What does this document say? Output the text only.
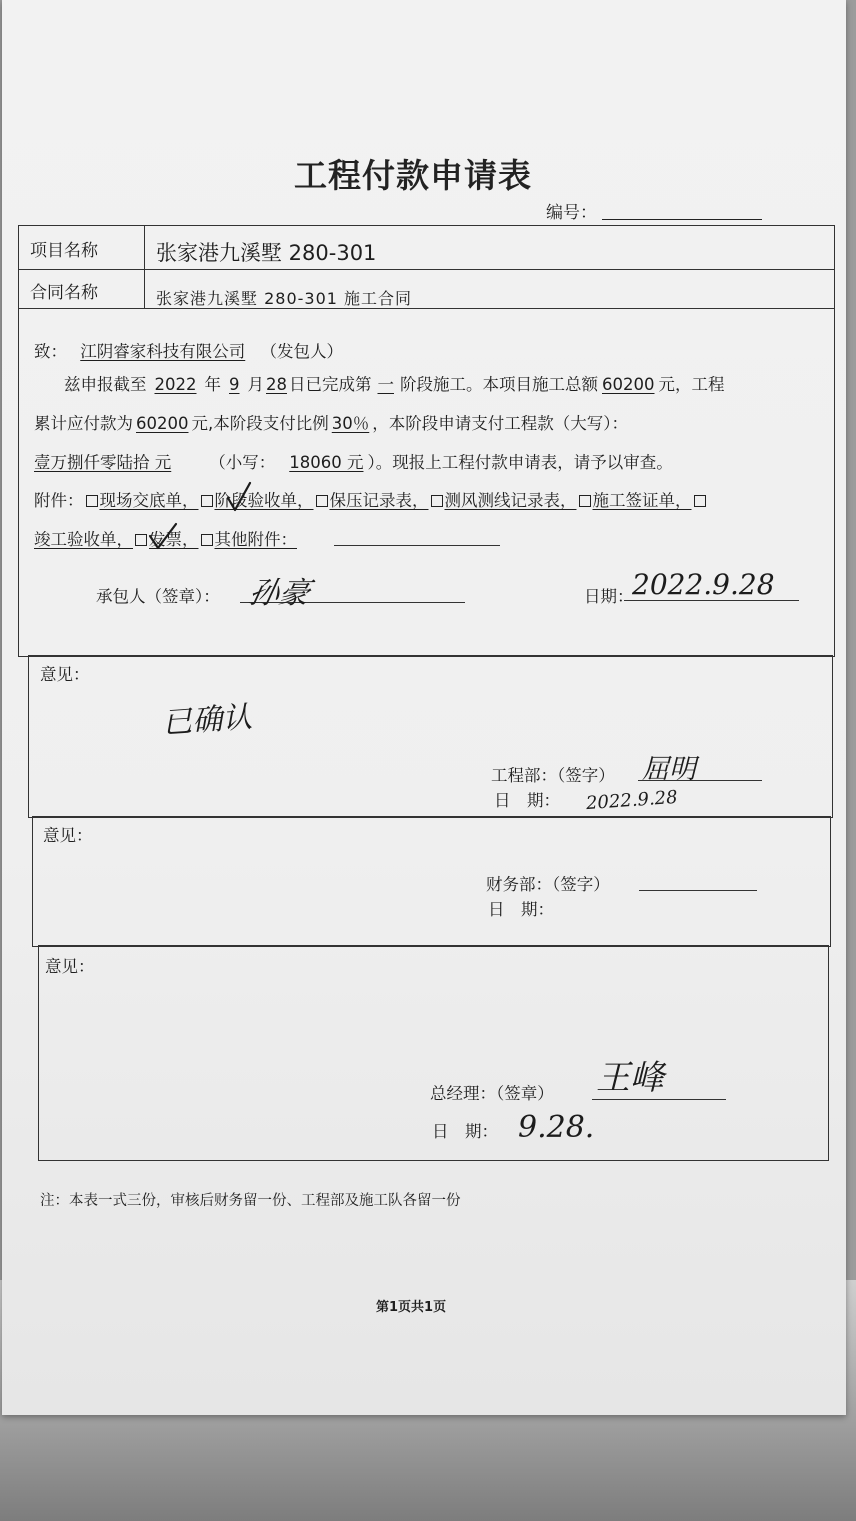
工程付款申请表
编号：
项目名称	张家港九溪墅 280-301
合同名称	张家港九溪墅 280-301 施工合同
致： 江阴睿家科技有限公司 （发包人）
兹申报截至 2022 年 9 月 28 日已完成第 一 阶段施工。本项目施工总额 60200 元，工程
累计应付款为 60200 元,本阶段支付比例 30％ ，本阶段申请支付工程款（大写）：
壹万捌仟零陆拾 元 （小写： 18060 元 ）。现报上工程付款申请表，请予以审查。
附件： 现场交底单， 阶段验收单， 保压记录表， 测风测线记录表， 施工签证单，
竣工验收单， 发票， 其他附件：
承包人（签章）： 孙豪	日期：
2022.9.28
意见：
已确认
工程部：（签字） 屈明
日　期： 2022.9.28
意见：
财务部：（签字）
日　期：
意见：
总经理：（签章） 王峰
日　期： 9.28.
注：本表一式三份，审核后财务留一份、工程部及施工队各留一份
第1页共1页
